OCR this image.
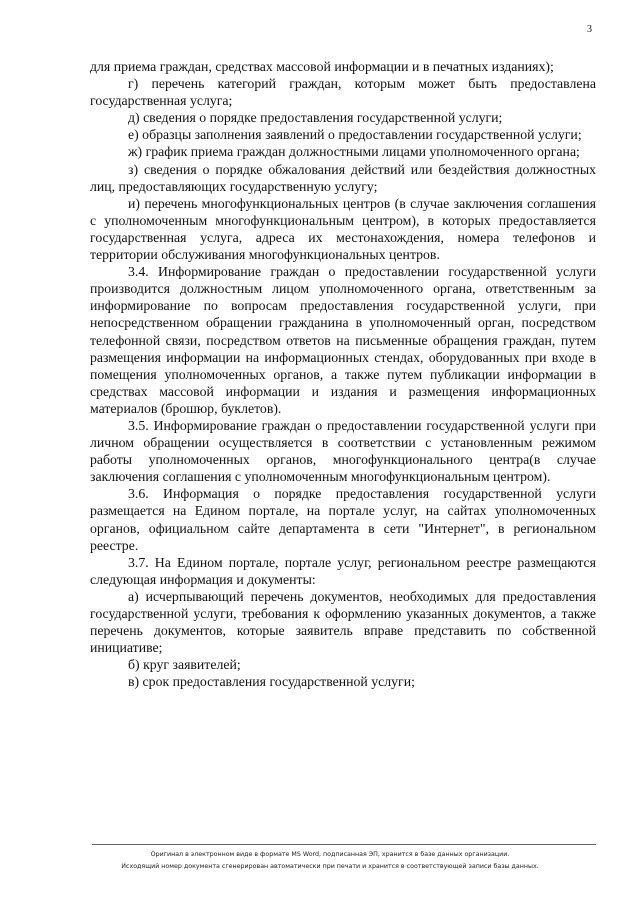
3

для приема граждан, средствах массовой информации и в печатных изданиях);

г) перечень категорий граждан, которым может быть предоставлена государственная услуга;

д) сведения о порядке предоставления государственной услуги;

е) образцы заполнения заявлений о предоставлении государственной услуги;

ж) график приема граждан должностными лицами уполномоченного органа;

з) сведения о порядке обжалования действий или бездействия должностных лиц, предоставляющих государственную услугу;

и) перечень многофункциональных центров (в случае заключения соглашения с уполномоченным многофункциональным центром), в которых предоставляется государственная услуга, адреса их местонахождения, номера телефонов и территории обслуживания многофункциональных центров.

3.4. Информирование граждан о предоставлении государственной услуги производится должностным лицом уполномоченного органа, ответственным за информирование по вопросам предоставления государственной услуги, при непосредственном обращении гражданина в уполномоченный орган, посредством телефонной связи, посредством ответов на письменные обращения граждан, путем размещения информации на информационных стендах, оборудованных при входе в помещения уполномоченных органов, а также путем публикации информации в средствах массовой информации и издания и размещения информационных материалов (брошюр, буклетов).

3.5. Информирование граждан о предоставлении государственной услуги при личном обращении осуществляется в соответствии с установленным режимом работы уполномоченных органов, многофункционального центра(в случае заключения соглашения с уполномоченным многофункциональным центром).

3.6. Информация о порядке предоставления государственной услуги размещается на Едином портале, на портале услуг, на сайтах уполномоченных органов, официальном сайте департамента в сети "Интернет", в региональном реестре.

3.7. На Едином портале, портале услуг, региональном реестре размещаются следующая информация и документы:

а) исчерпывающий перечень документов, необходимых для предоставления государственной услуги, требования к оформлению указанных документов, а также перечень документов, которые заявитель вправе представить по собственной инициативе;

б) круг заявителей;

в) срок предоставления государственной услуги;

Оригинал в электронном виде в формате MS Word, подписанная ЭП, хранится в базе данных организации.
Исходящий номер документа сгенерирован автоматически при печати и хранится в соответствующей записи базы данных.
